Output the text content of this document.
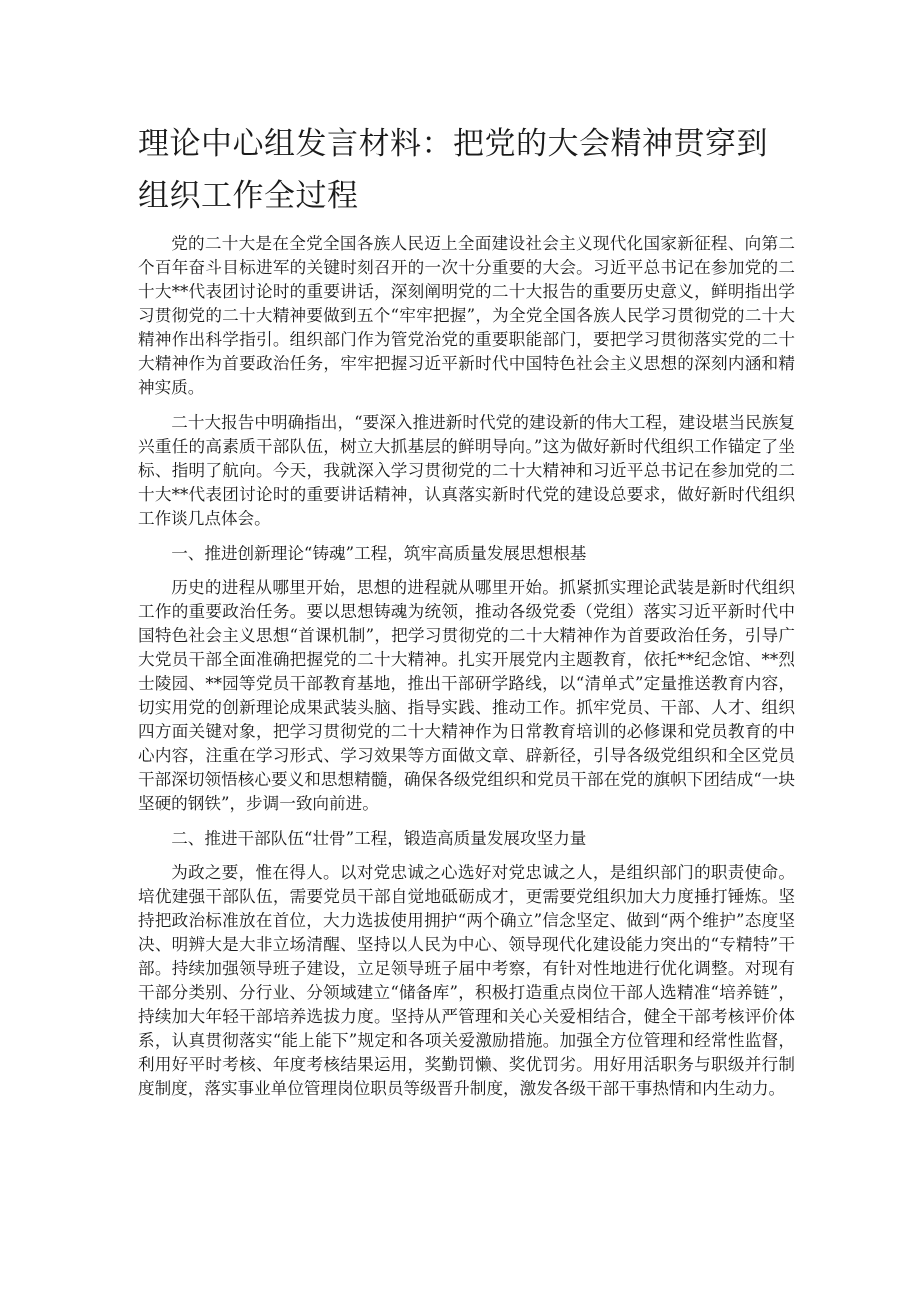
理论中心组发言材料：把党的大会精神贯穿到组织工作全过程

党的二十大是在全党全国各族人民迈上全面建设社会主义现代化国家新征程、向第二个百年奋斗目标进军的关键时刻召开的一次十分重要的大会。习近平总书记在参加党的二十大**代表团讨论时的重要讲话，深刻阐明党的二十大报告的重要历史意义，鲜明指出学习贯彻党的二十大精神要做到五个“牢牢把握”，为全党全国各族人民学习贯彻党的二十大精神作出科学指引。组织部门作为管党治党的重要职能部门，要把学习贯彻落实党的二十大精神作为首要政治任务，牢牢把握习近平新时代中国特色社会主义思想的深刻内涵和精神实质。

二十大报告中明确指出，“要深入推进新时代党的建设新的伟大工程，建设堪当民族复兴重任的高素质干部队伍，树立大抓基层的鲜明导向。”这为做好新时代组织工作锚定了坐标、指明了航向。今天，我就深入学习贯彻党的二十大精神和习近平总书记在参加党的二十大**代表团讨论时的重要讲话精神，认真落实新时代党的建设总要求，做好新时代组织工作谈几点体会。

一、推进创新理论“铸魂”工程，筑牢高质量发展思想根基

历史的进程从哪里开始，思想的进程就从哪里开始。抓紧抓实理论武装是新时代组织工作的重要政治任务。要以思想铸魂为统领，推动各级党委（党组）落实习近平新时代中国特色社会主义思想“首课机制”，把学习贯彻党的二十大精神作为首要政治任务，引导广大党员干部全面准确把握党的二十大精神。扎实开展党内主题教育，依托**纪念馆、**烈士陵园、**园等党员干部教育基地，推出干部研学路线，以“清单式”定量推送教育内容，切实用党的创新理论成果武装头脑、指导实践、推动工作。抓牢党员、干部、人才、组织四方面关键对象，把学习贯彻党的二十大精神作为日常教育培训的必修课和党员教育的中心内容，注重在学习形式、学习效果等方面做文章、辟新径，引导各级党组织和全区党员干部深切领悟核心要义和思想精髓，确保各级党组织和党员干部在党的旗帜下团结成“一块坚硬的钢铁”，步调一致向前进。

二、推进干部队伍“壮骨”工程，锻造高质量发展攻坚力量

为政之要，惟在得人。以对党忠诚之心选好对党忠诚之人，是组织部门的职责使命。培优建强干部队伍，需要党员干部自觉地砥砺成才，更需要党组织加大力度捶打锤炼。坚持把政治标准放在首位，大力选拔使用拥护“两个确立”信念坚定、做到“两个维护”态度坚决、明辨大是大非立场清醒、坚持以人民为中心、领导现代化建设能力突出的“专精特”干部。持续加强领导班子建设，立足领导班子届中考察，有针对性地进行优化调整。对现有干部分类别、分行业、分领域建立“储备库”，积极打造重点岗位干部人选精准“培养链”，持续加大年轻干部培养选拔力度。坚持从严管理和关心关爱相结合，健全干部考核评价体系，认真贯彻落实“能上能下”规定和各项关爱激励措施。加强全方位管理和经常性监督，利用好平时考核、年度考核结果运用，奖勤罚懒、奖优罚劣。用好用活职务与职级并行制度制度，落实事业单位管理岗位职员等级晋升制度，激发各级干部干事热情和内生动力。
